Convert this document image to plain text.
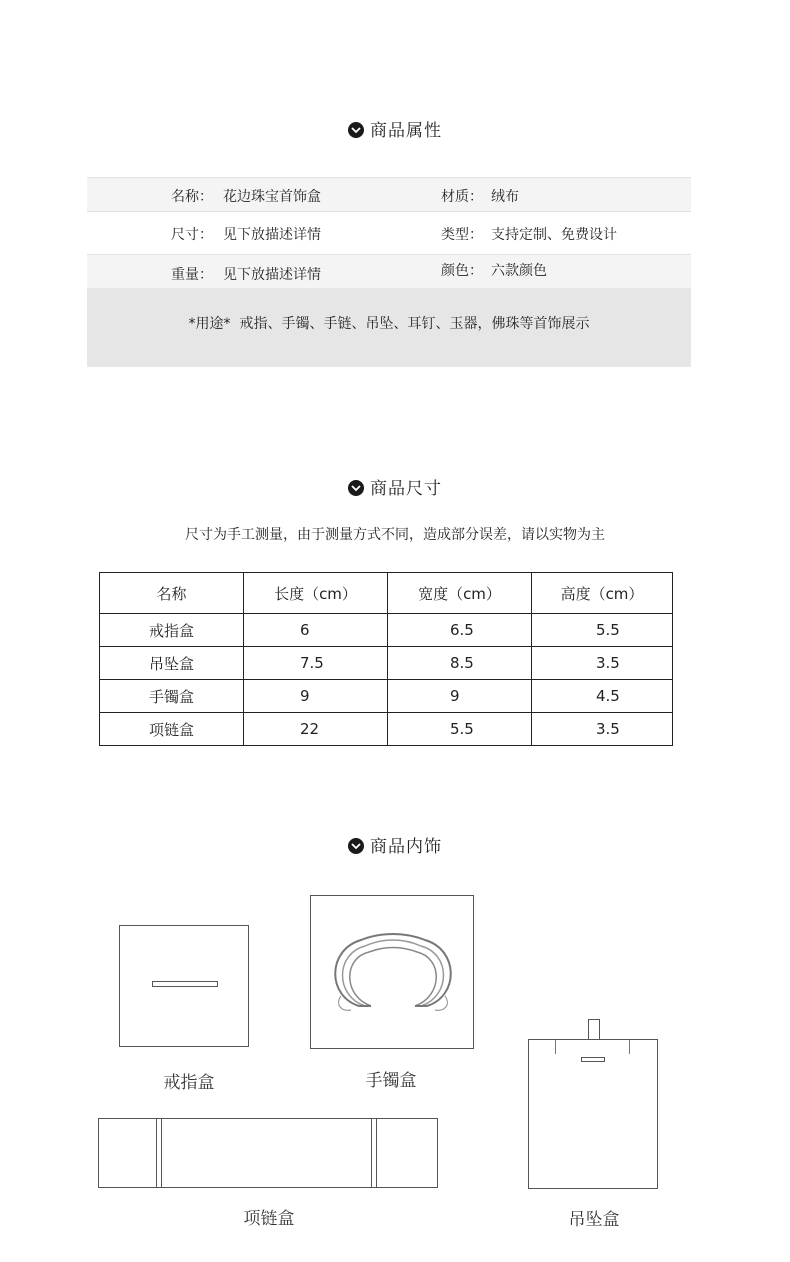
商品属性
名称： 花边珠宝首饰盒	材质： 绒布
尺寸： 见下放描述详情	类型： 支持定制、免费设计
重量： 见下放描述详情	颜色： 六款颜色
*用途* 戒指、手镯、手链、吊坠、耳钉、玉器，佛珠等首饰展示
商品尺寸
尺寸为手工测量，由于测量方式不同，造成部分误差，请以实物为主
名称	长度（cm）	宽度（cm）	高度（cm）
戒指盒	6	6.5	5.5
吊坠盒	7.5	8.5	3.5
手镯盒	9	9	4.5
项链盒	22	5.5	3.5
商品内饰
戒指盒	手镯盒
吊坠盒
项链盒
